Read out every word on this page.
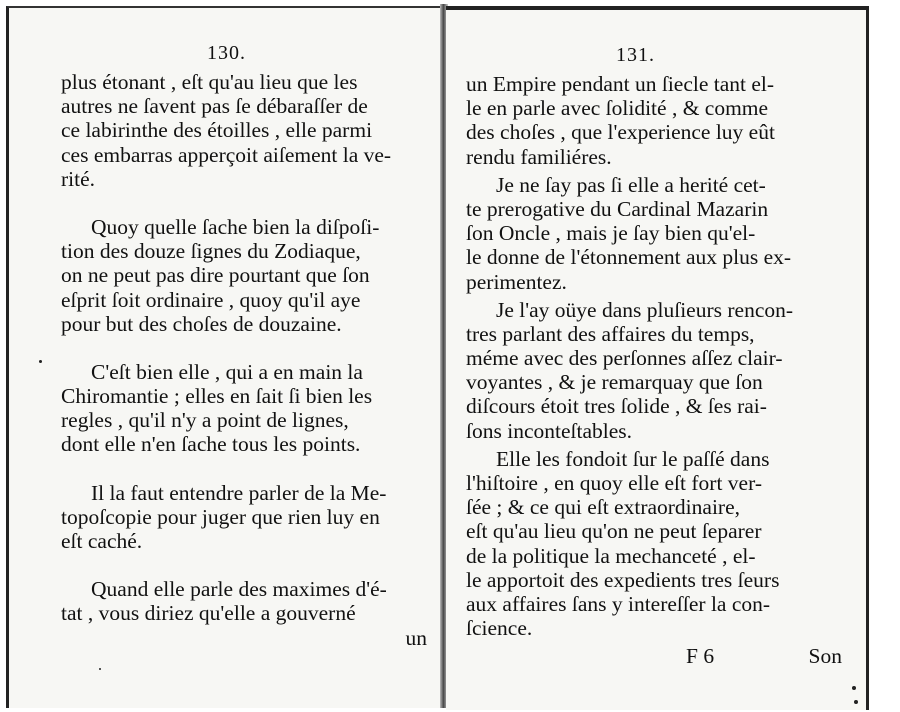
130.
plus étonant , eſt qu'au lieu que les
autres ne ſavent pas ſe débaraſſer de
ce labirinthe des étoilles , elle parmi
ces embarras apperçoit aiſement la ve-
rité.
Quoy quelle ſache bien la diſpoſi-
tion des douze ſignes du Zodiaque,
on ne peut pas dire pourtant que ſon
eſprit ſoit ordinaire , quoy qu'il aye
pour but des choſes de douzaine.
C'eſt bien elle , qui a en main la
Chiromantie ; elles en ſait ſi bien les
regles , qu'il n'y a point de lignes,
dont elle n'en ſache tous les points.
Il la faut entendre parler de la Me-
topoſcopie pour juger que rien luy en
eſt caché.
Quand elle parle des maximes d'é-
tat , vous diriez qu'elle a gouverné
un
131.
un Empire pendant un ſiecle tant el-
le en parle avec ſolidité , & comme
des choſes , que l'experience luy eût
rendu familiéres.
Je ne ſay pas ſi elle a herité cet-
te prerogative du Cardinal Mazarin
ſon Oncle , mais je ſay bien qu'el-
le donne de l'étonnement aux plus ex-
perimentez.
Je l'ay oüye dans pluſieurs rencon-
tres parlant des affaires du temps,
méme avec des perſonnes aſſez clair-
voyantes , & je remarquay que ſon
diſcours étoit tres ſolide , & ſes rai-
ſons inconteſtables.
Elle les fondoit ſur le paſſé dans
l'hiſtoire , en quoy elle eſt fort ver-
ſée ; & ce qui eſt extraordinaire,
eſt qu'au lieu qu'on ne peut ſeparer
de la politique la mechanceté , el-
le apportoit des expedients tres ſeurs
aux affaires ſans y intereſſer la con-
ſcience.
F 6	Son
